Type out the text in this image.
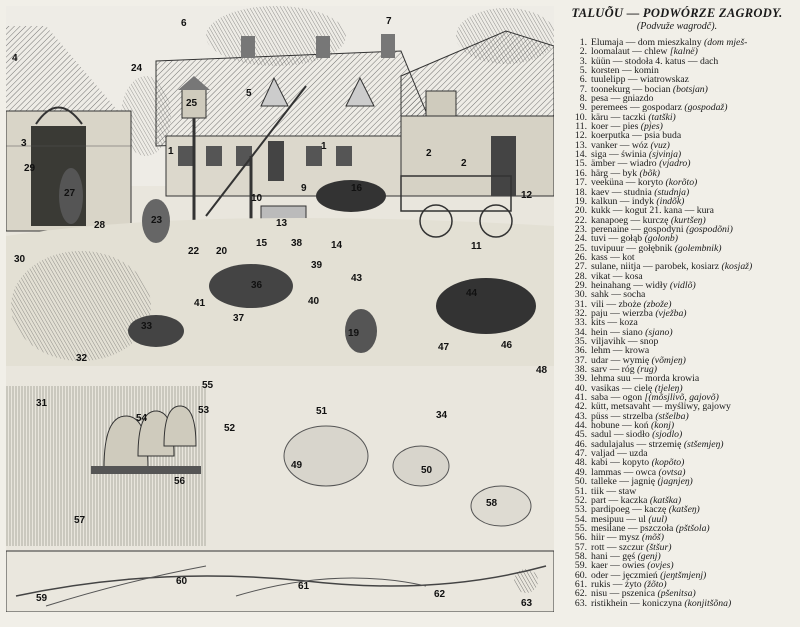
4
6	7
24
25
5
3
1	1
2
2
29
27	9	16
10	12
23
28	13
11
15	14
20
22
30
38
39
36
43
40
41
37
33
19
44
46
47
32
48
55
31
54
53	51
52
34
49	50
56
58
57
59
60	61
62
63
TALUÕU — PODWÓRZE ZAGRODY.
(Podvuže wagrodč).
1. Elumaja — dom mieszkalny
(dom mješ-
2. loomalaut — chlew
[kalnë)
3. küün — stodoła 4. katus — dach

5. korsten — komin

6. tuulelipp — wiatrowskaz

7. toonekurg — bocian
(botsjan)
8. pesa — gniazdo

9. peremees — gospodarz
(gospodaž)
10. käru — taczki
(tatški)
11. koer — pies
(pjes)
12. koerputka — psia buda

13. vanker — wóz
(vuz)
14. siga — świnia
(sjvinja)
15. ämber — wiadro
(vjadro)
16. härg — byk
(bõk)
17. veeküna — koryto
(korõto)
18. kaev — studnia
(studnja)
19. kalkun — indyk
(indõk)
20. kukk — kogut 21. kana — kura

22. kanapoeg — kurczę
(kurtšeŋ)
23. perenaine — gospodyni
(gospodõni)
24. tuvi — gołąb
(golonb)
25. tuvipuur — gołębnik
(golembnik)
26. kass — kot

27. sulane, niitja — parobek, kosiarz
(kosjaž)
28. vikat — kosa

29. heinahang — widły
(vidlõ)
30. sahk — socha

31. vili — zboże
(zbože)
32. paju — wierzba
(vježba)
33. kits — koza

34. hein — siano
(sjano)
35. viljavihk — snop

36. lehm — krowa

37. udar — wymię
(võmjeŋ)
38. sarv — róg
(rug)
39. lehma suu — morda krowia

40. vasikas — cielę
(tjeleŋ)
41. saba — ogon
[(mõsjlivõ, gajovõ)
42. kütt, metsavaht — myśliwy, gajowy

43. püss — strzelba
(stšelba)
44. hobune — koń
(konj)
45. sadul — siodło
(sjodlo)
46. sadulajalus — strzemię
(stšemjeŋ)
47. valjad — uzda

48. kabi — kopyto
(kopõto)
49. lammas — owca
(ovtsa)
50. talleke — jagnię
(jagnjeŋ)
51. tiik — staw

52. part — kaczka
(katška)
53. pardipoeg — kaczę
(katšeŋ)
54. mesipuu — ul
(uul)
55. mesilane — pszczoła
(pštšola)
56. hiir — mysz
(mõš)
57. rott — szczur
(štšur)
58. hani — gęś
(genj)
59. kaer — owies
(ovjes)
60. oder — jęczmień
(jeŋtšmjenj)
61. rukis — żyto
(žõto)
62. nisu — pszenica
(pšenitsa)
63. ristikhein — koniczyna
(konjitšõna)
